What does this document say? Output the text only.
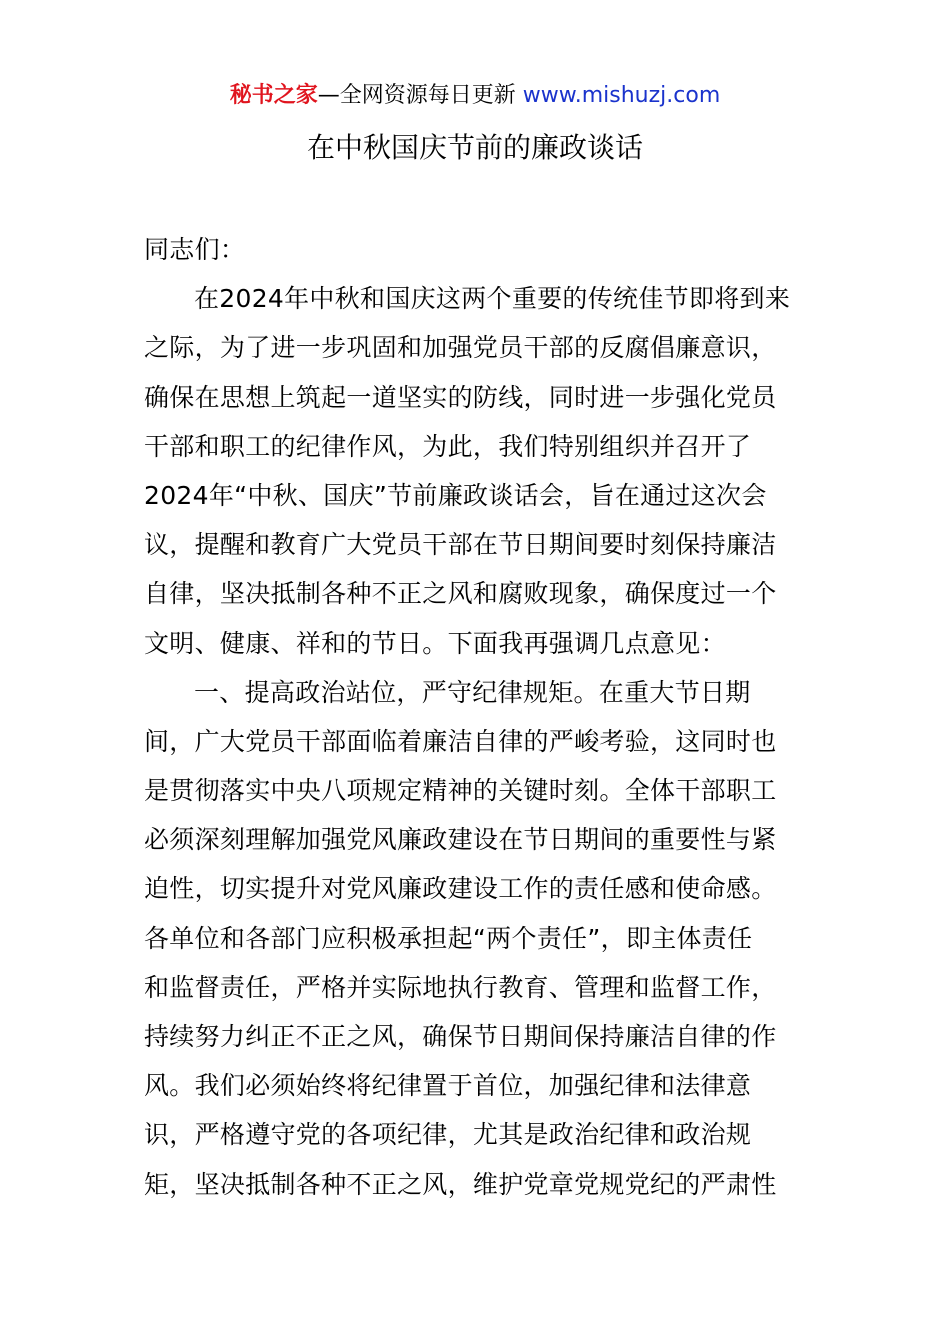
秘书之家—全网资源每日更新 www.mishuzj.com
在中秋国庆节前的廉政谈话
同志们：
在2024年中秋和国庆这两个重要的传统佳节即将到来
之际，为了进一步巩固和加强党员干部的反腐倡廉意识，
确保在思想上筑起一道坚实的防线，同时进一步强化党员
干部和职工的纪律作风，为此，我们特别组织并召开了
2024年“中秋、国庆”节前廉政谈话会，旨在通过这次会
议，提醒和教育广大党员干部在节日期间要时刻保持廉洁
自律，坚决抵制各种不正之风和腐败现象，确保度过一个
文明、健康、祥和的节日。下面我再强调几点意见：
一、提高政治站位，严守纪律规矩。在重大节日期
间，广大党员干部面临着廉洁自律的严峻考验，这同时也
是贯彻落实中央八项规定精神的关键时刻。全体干部职工
必须深刻理解加强党风廉政建设在节日期间的重要性与紧
迫性，切实提升对党风廉政建设工作的责任感和使命感。
各单位和各部门应积极承担起“两个责任”，即主体责任
和监督责任，严格并实际地执行教育、管理和监督工作，
持续努力纠正不正之风，确保节日期间保持廉洁自律的作
风。我们必须始终将纪律置于首位，加强纪律和法律意
识，严格遵守党的各项纪律，尤其是政治纪律和政治规
矩，坚决抵制各种不正之风，维护党章党规党纪的严肃性
